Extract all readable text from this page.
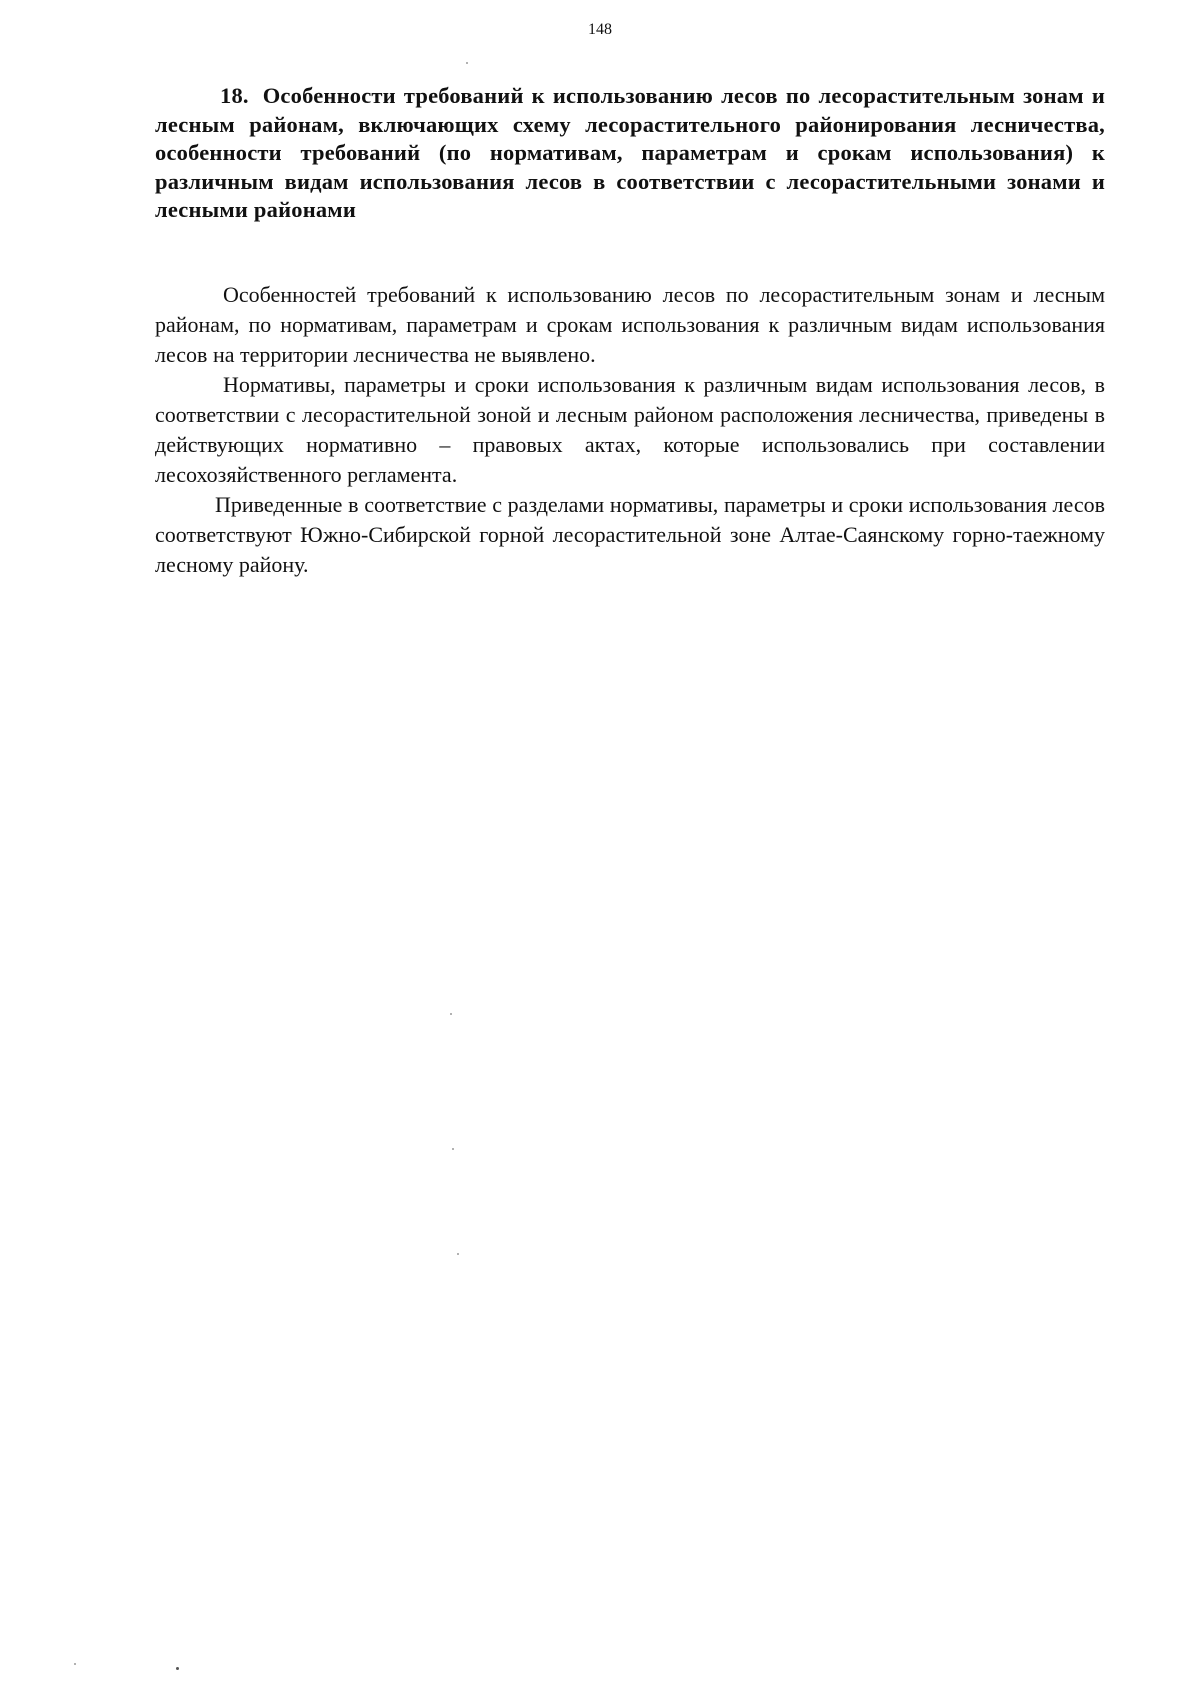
148

18. Особенности требований к использованию лесов по лесорастительным зонам и лесным районам, включающих схему лесорастительного районирования лесничества, особенности требований (по нормативам, параметрам и срокам использования) к различным видам использования лесов в соответствии с лесорастительными зонами и лесными районами

Особенностей требований к использованию лесов по лесорастительным зонам и лесным районам, по нормативам, параметрам и срокам использования к различным видам использования лесов на территории лесничества не выявлено.

Нормативы, параметры и сроки использования к различным видам использования лесов, в соответствии с лесорастительной зоной и лесным районом расположения лесничества, приведены в действующих нормативно – правовых актах, которые использовались при составлении лесохозяйственного регламента.

Приведенные в соответствие с разделами нормативы, параметры и сроки использования лесов соответствуют Южно-Сибирской горной лесорастительной зоне Алтае-Саянскому горно-таежному лесному району.
